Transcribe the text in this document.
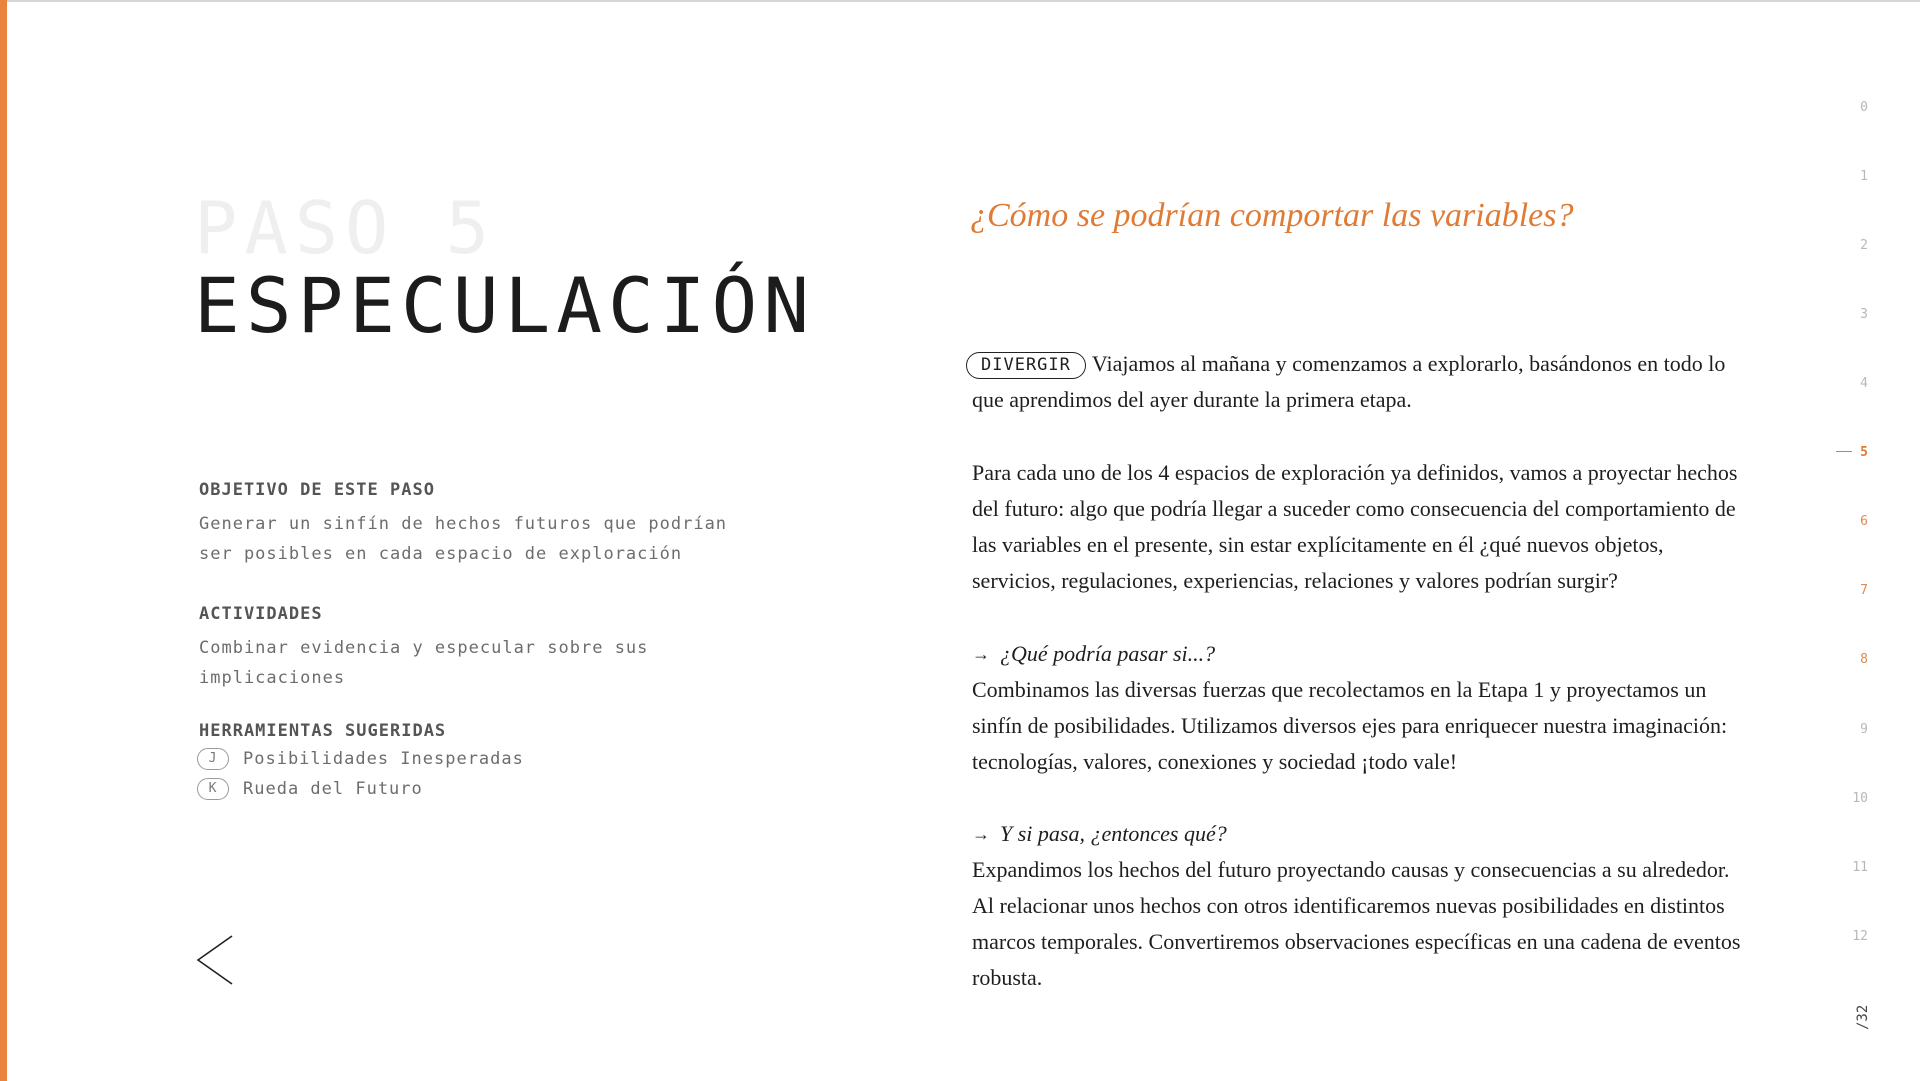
PASO 5
ESPECULACIÓN
OBJETIVO DE ESTE PASO
Generar un sinfín de hechos futuros que podrían
ser posibles en cada espacio de exploración
ACTIVIDADES
Combinar evidencia y especular sobre sus
implicaciones
HERRAMIENTAS SUGERIDAS
J	Posibilidades Inesperadas
K	Rueda del Futuro
¿Cómo se podrían comportar las variables?
DIVERGIR Viajamos al mañana y comenzamos a explorarlo, basándonos en todo lo que aprendimos del ayer durante la primera etapa.
Para cada uno de los 4 espacios de exploración ya definidos, vamos a proyectar hechos del futuro: algo que podría llegar a suceder como consecuencia del comportamiento de las variables en el presente, sin estar explícitamente en él ¿qué nuevos objetos, servicios, regulaciones, experiencias, relaciones y valores podrían surgir?
→ ¿Qué podría pasar si...?
Combinamos las diversas fuerzas que recolectamos en la Etapa 1 y proyectamos un sinfín de posibilidades. Utilizamos diversos ejes para enriquecer nuestra imaginación: tecnologías, valores, conexiones y sociedad ¡todo vale!
→ Y si pasa, ¿entonces qué?
Expandimos los hechos del futuro proyectando causas y consecuencias a su alrededor. Al relacionar unos hechos con otros identificaremos nuevas posibilidades en distintos marcos temporales. Convertiremos observaciones específicas en una cadena de eventos robusta.
0
1
2
3
4
5
6
7
8
9
10
11
12
/32
